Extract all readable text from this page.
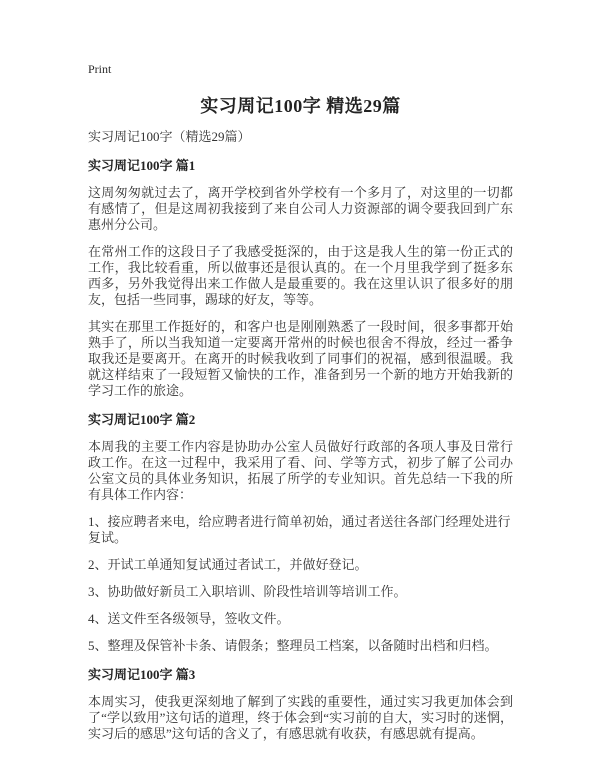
Print
实习周记100字 精选29篇

实习周记100字（精选29篇）

实习周记100字 篇1

这周匆匆就过去了，离开学校到省外学校有一个多月了，对这里的一切都有感情了，但是这周初我接到了来自公司人力资源部的调令要我回到广东惠州分公司。

在常州工作的这段日子了我感受挺深的，由于这是我人生的第一份正式的工作，我比较看重，所以做事还是很认真的。在一个月里我学到了挺多东西多，另外我觉得出来工作做人是最重要的。我在这里认识了很多好的朋友，包括一些同事，踢球的好友，等等。

其实在那里工作挺好的，和客户也是刚刚熟悉了一段时间，很多事都开始熟手了，所以当我知道一定要离开常州的时候也很舍不得放，经过一番争取我还是要离开。在离开的时候我收到了同事们的祝福，感到很温暖。我就这样结束了一段短暂又愉快的工作，准备到另一个新的地方开始我新的学习工作的旅途。

实习周记100字 篇2

本周我的主要工作内容是协助办公室人员做好行政部的各项人事及日常行政工作。在这一过程中，我采用了看、问、学等方式，初步了解了公司办公室文员的具体业务知识，拓展了所学的专业知识。首先总结一下我的所有具体工作内容：

1、接应聘者来电，给应聘者进行简单初始，通过者送往各部门经理处进行复试。

2、开试工单通知复试通过者试工，并做好登记。

3、协助做好新员工入职培训、阶段性培训等培训工作。

4、送文件至各级领导，签收文件。

5、整理及保管补卡条、请假条；整理员工档案，以备随时出档和归档。

实习周记100字 篇3

本周实习，使我更深刻地了解到了实践的重要性，通过实习我更加体会到了“学以致用”这句话的道理，终于体会到“实习前的自大，实习时的迷惘，实习后的感思”这句话的含义了，有感思就有收获，有感思就有提高。
